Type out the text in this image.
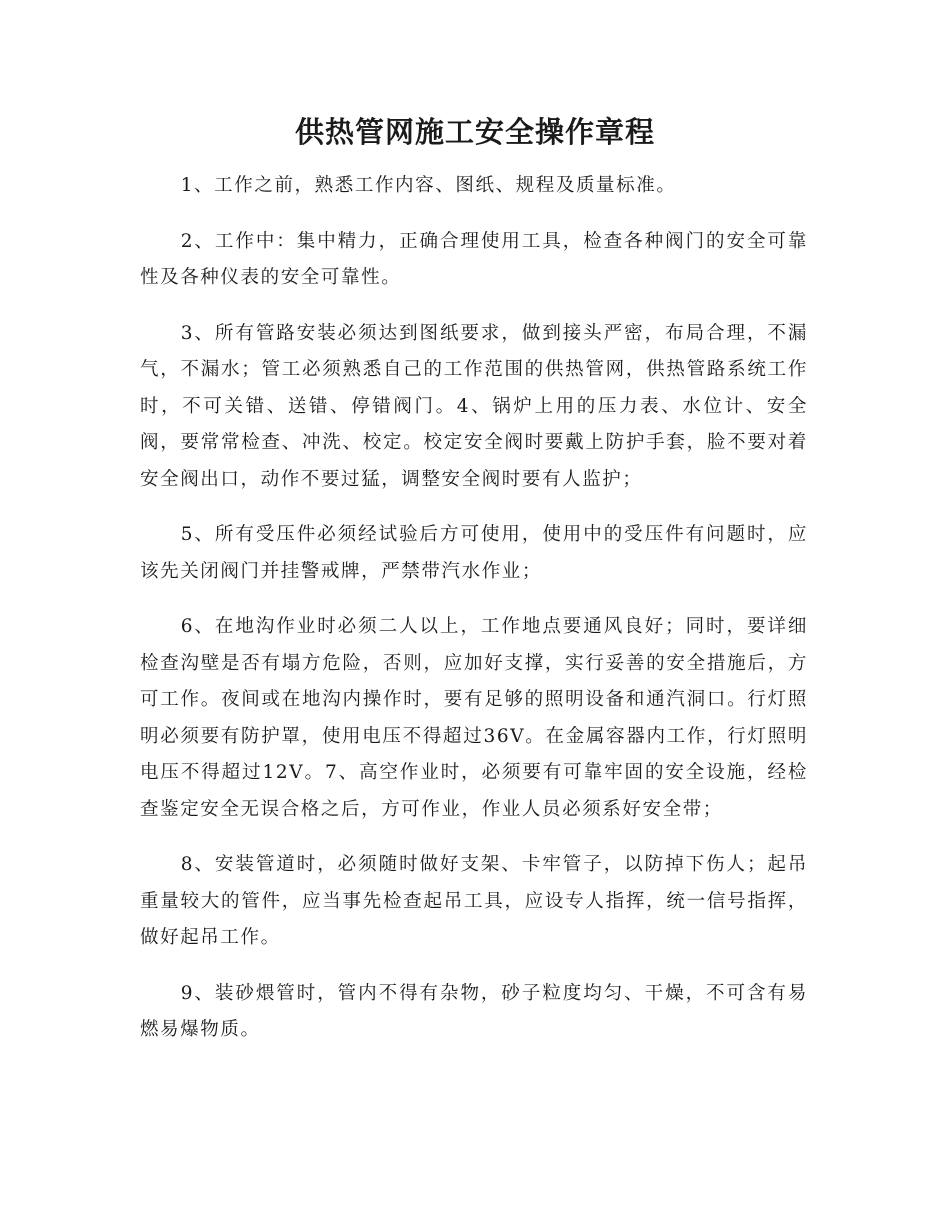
供热管网施工安全操作章程

1、工作之前，熟悉工作内容、图纸、规程及质量标准。

2、工作中：集中精力，正确合理使用工具，检查各种阀门的安全可靠性及各种仪表的安全可靠性。

3、所有管路安装必须达到图纸要求，做到接头严密，布局合理，不漏气，不漏水；管工必须熟悉自己的工作范围的供热管网，供热管路系统工作时，不可关错、送错、停错阀门。4、锅炉上用的压力表、水位计、安全阀，要常常检查、冲洗、校定。校定安全阀时要戴上防护手套，脸不要对着安全阀出口，动作不要过猛，调整安全阀时要有人监护；

5、所有受压件必须经试验后方可使用，使用中的受压件有问题时，应该先关闭阀门并挂警戒牌，严禁带汽水作业；

6、在地沟作业时必须二人以上，工作地点要通风良好；同时，要详细检查沟壁是否有塌方危险，否则，应加好支撑，实行妥善的安全措施后，方可工作。夜间或在地沟内操作时，要有足够的照明设备和通汽洞口。行灯照明必须要有防护罩，使用电压不得超过36V。在金属容器内工作，行灯照明电压不得超过12V。7、高空作业时，必须要有可靠牢固的安全设施，经检查鉴定安全无误合格之后，方可作业，作业人员必须系好安全带；

8、安装管道时，必须随时做好支架、卡牢管子，以防掉下伤人；起吊重量较大的管件，应当事先检查起吊工具，应设专人指挥，统一信号指挥，做好起吊工作。

9、装砂煨管时，管内不得有杂物，砂子粒度均匀、干燥，不可含有易燃易爆物质。
